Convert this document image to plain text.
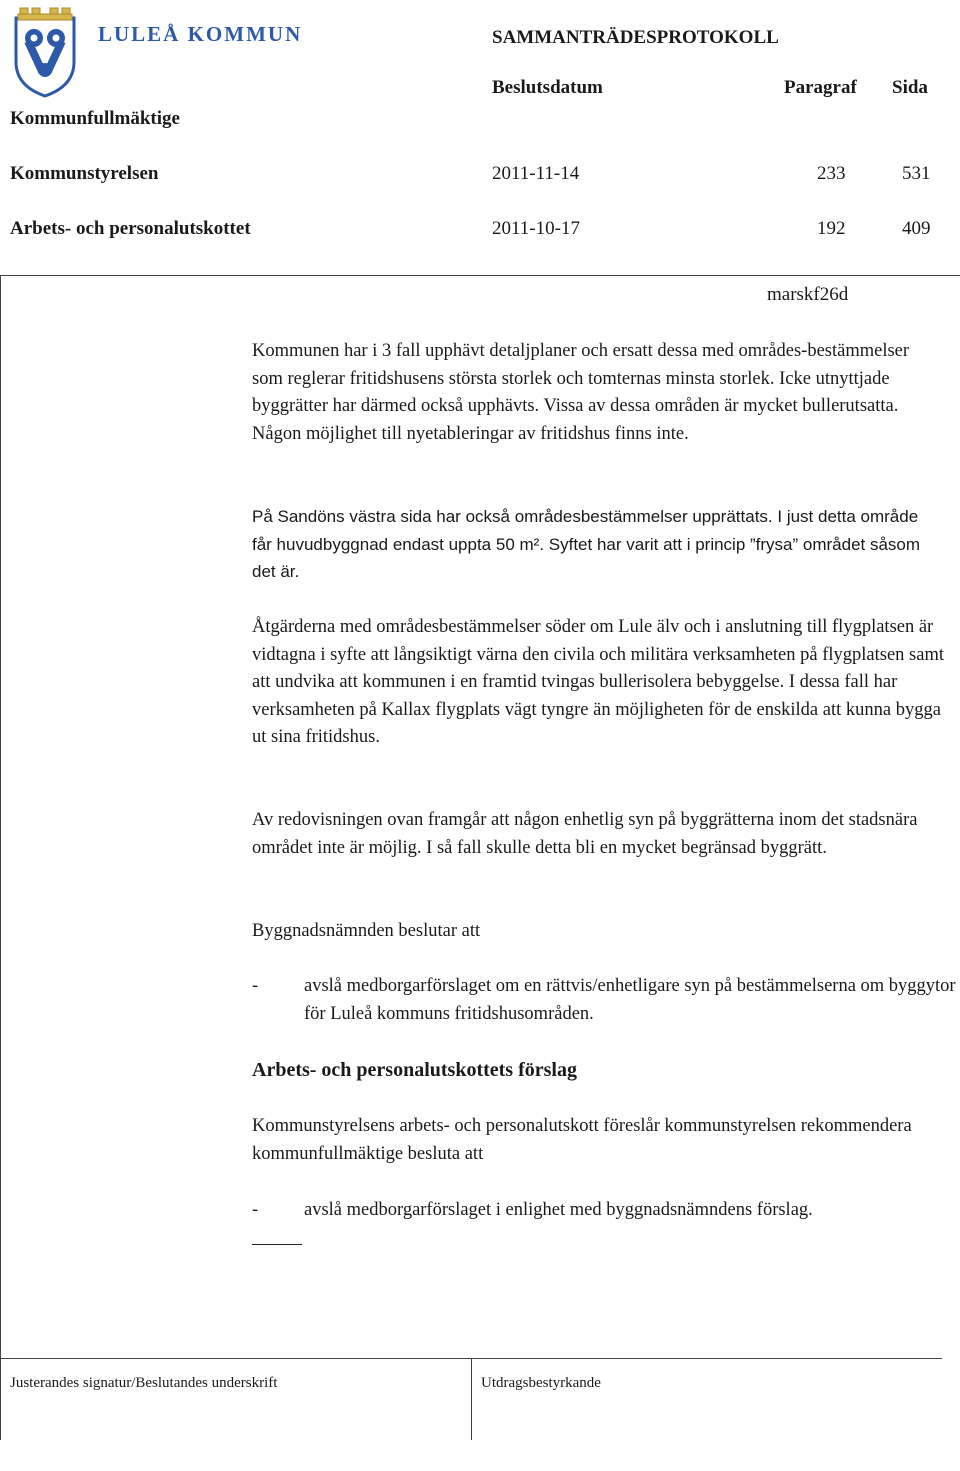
LULEÅ KOMMUN	SAMMANTRÄDESPROTOKOLL
Beslutsdatum	Paragraf Sida
Kommunfullmäktige
Kommunstyrelsen	2011-11-14	233	531
Arbets- och personalutskottet	2011-10-17	192	409
marskf26d

Kommunen har i 3 fall upphävt detaljplaner och ersatt dessa med områdes-bestämmelser som reglerar fritidshusens största storlek och tomternas minsta storlek. Icke utnyttjade byggrätter har därmed också upphävts. Vissa av dessa områden är mycket bullerutsatta. Någon möjlighet till nyetableringar av fritidshus finns inte.

På Sandöns västra sida har också områdesbestämmelser upprättats. I just detta område får huvudbyggnad endast uppta 50 m². Syftet har varit att i princip ”frysa” området såsom det är.

Åtgärderna med områdesbestämmelser söder om Lule älv och i anslutning till flygplatsen är vidtagna i syfte att långsiktigt värna den civila och militära verksamheten på flygplatsen samt att undvika att kommunen i en framtid tvingas bullerisolera bebyggelse. I dessa fall har verksamheten på Kallax flygplats vägt tyngre än möjligheten för de enskilda att kunna bygga ut sina fritidshus.

Av redovisningen ovan framgår att någon enhetlig syn på byggrätterna inom det stadsnära området inte är möjlig. I så fall skulle detta bli en mycket begränsad byggrätt.

Byggnadsnämnden beslutar att

-	avslå medborgarförslaget om en rättvis/enhetligare syn på bestämmelserna om byggytor för Luleå kommuns fritidshusområden.
Arbets- och personalutskottets förslag

Kommunstyrelsens arbets- och personalutskott föreslår kommunstyrelsen rekommendera kommunfullmäktige besluta att

-	avslå medborgarförslaget i enlighet med byggnadsnämndens förslag.
Justerandes signatur/Beslutandes underskrift	Utdragsbestyrkande
